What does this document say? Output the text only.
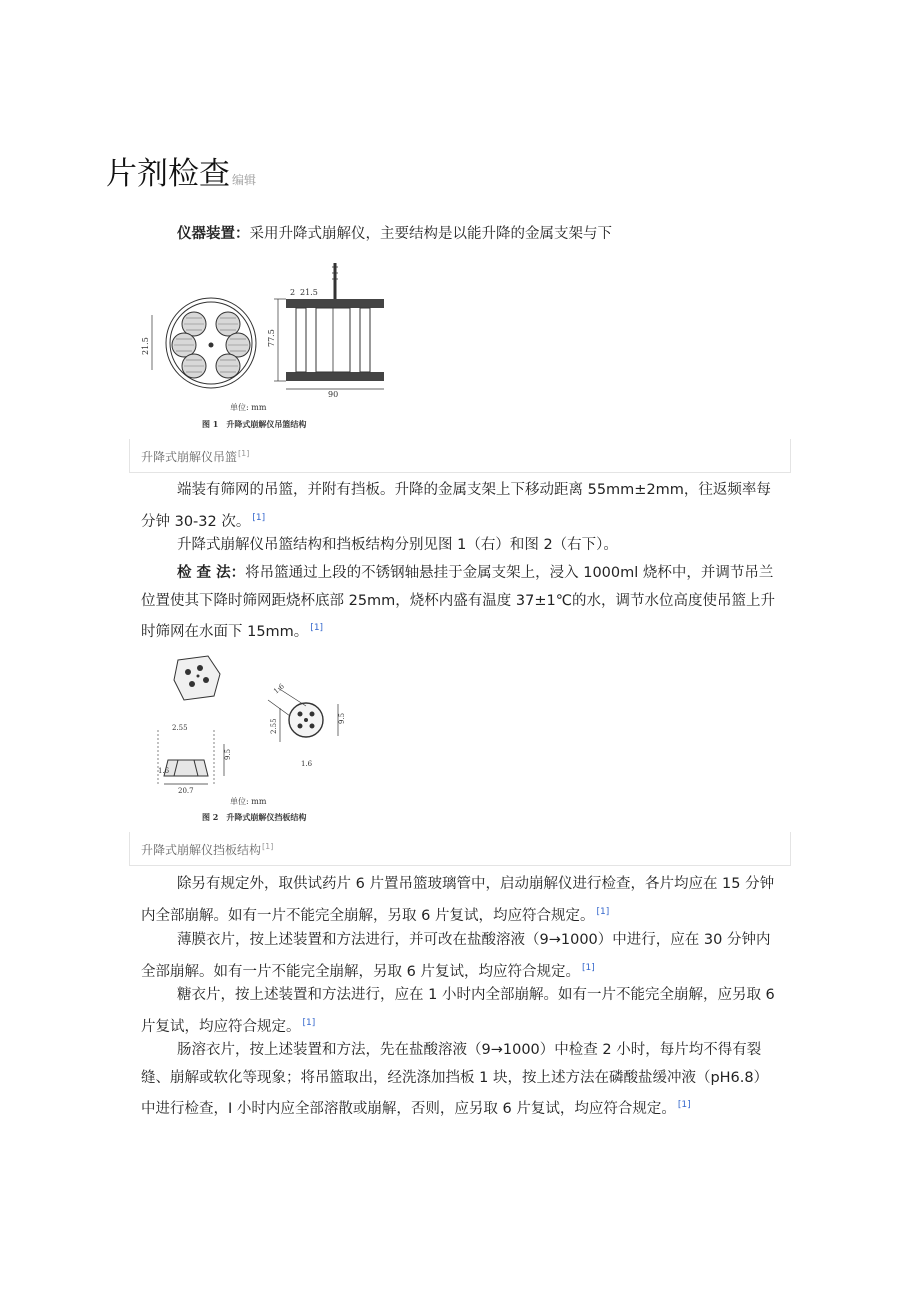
片剂检查 编辑

仪器装置：采用升降式崩解仪，主要结构是以能升降的金属支架与下

21.5	77.5
90
2 21.5
单位: mm
图 1　升降式崩解仪吊篮结构
升降式崩解仪吊篮[1]

端装有筛网的吊篮，并附有挡板。升降的金属支架上下移动距离 55mm±2mm，往返频率每分钟 30-32 次。 [1]

升降式崩解仪吊篮结构和挡板结构分别见图 1（右）和图 2（右下）。

检 查 法：将吊篮通过上段的不锈钢轴悬挂于金属支架上，浸入 1000ml 烧杯中，并调节吊兰位置使其下降时筛网距烧杯底部 25mm，烧杯内盛有温度 37±1℃的水，调节水位高度使吊篮上升时筛网在水面下 15mm。 [1]

9.5
2.55
1.6
20.7
1.6
9.5
2.55
1.6
单位: mm
图 2　升降式崩解仪挡板结构
升降式崩解仪挡板结构[1]

除另有规定外，取供试药片 6 片置吊篮玻璃管中，启动崩解仪进行检查，各片均应在 15 分钟内全部崩解。如有一片不能完全崩解，另取 6 片复试，均应符合规定。 [1]

薄膜衣片，按上述装置和方法进行，并可改在盐酸溶液（9→1000）中进行，应在 30 分钟内全部崩解。如有一片不能完全崩解，另取 6 片复试，均应符合规定。 [1]

糖衣片，按上述装置和方法进行，应在 1 小时内全部崩解。如有一片不能完全崩解，应另取 6 片复试，均应符合规定。 [1]

肠溶衣片，按上述装置和方法，先在盐酸溶液（9→1000）中检查 2 小时，每片均不得有裂缝、崩解或软化等现象；将吊篮取出，经洗涤加挡板 1 块，按上述方法在磷酸盐缓冲液（pH6.8）中进行检查，I 小时内应全部溶散或崩解，否则，应另取 6 片复试，均应符合规定。 [1]
